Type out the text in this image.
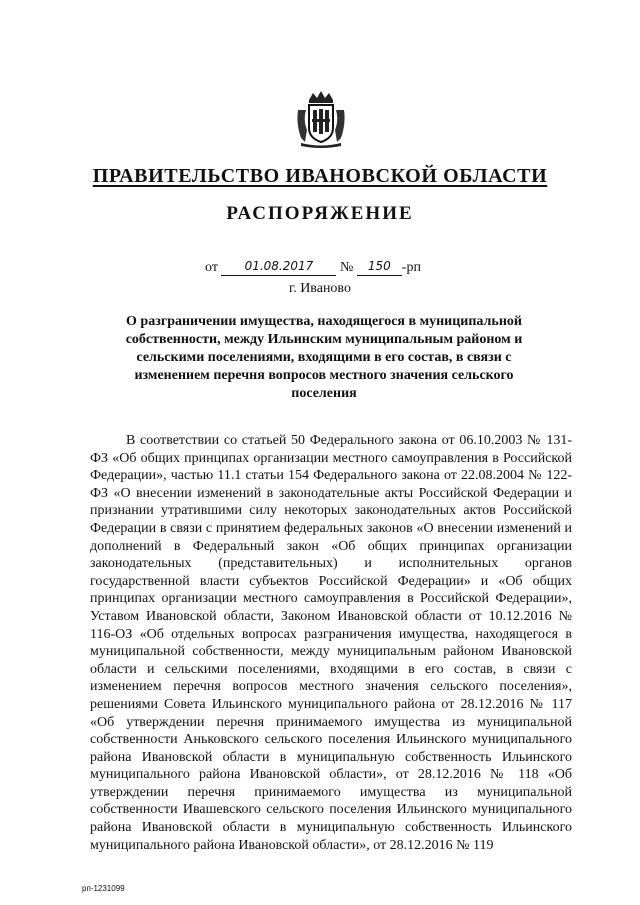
ПРАВИТЕЛЬСТВО ИВАНОВСКОЙ ОБЛАСТИ
РАСПОРЯЖЕНИЕ
от 01.08.2017 № 150 -рп
г. Иваново
О разграничении имущества, находящегося в муниципальной собственности, между Ильинским муниципальным районом и сельскими поселениями, входящими в его состав, в связи с изменением перечня вопросов местного значения сельского поселения

В соответствии со статьей 50 Федерального закона от 06.10.2003 № 131-ФЗ «Об общих принципах организации местного самоуправления в Российской Федерации», частью 11.1 статьи 154 Федерального закона от 22.08.2004 № 122-ФЗ «О внесении изменений в законодательные акты Российской Федерации и признании утратившими силу некоторых законодательных актов Российской Федерации в связи с принятием федеральных законов «О внесении изменений и дополнений в Федеральный закон «Об общих принципах организации законодательных (представительных) и исполнительных органов государственной власти субъектов Российской Федерации» и «Об общих принципах организации местного самоуправления в Российской Федерации», Уставом Ивановской области, Законом Ивановской области от 10.12.2016 № 116-ОЗ «Об отдельных вопросах разграничения имущества, находящегося в муниципальной собственности, между муниципальным районом Ивановской области и сельскими поселениями, входящими в его состав, в связи с изменением перечня вопросов местного значения сельского поселения», решениями Совета Ильинского муниципального района от 28.12.2016 № 117 «Об утверждении перечня принимаемого имущества из муниципальной собственности Аньковского сельского поселения Ильинского муниципального района Ивановской области в муниципальную собственность Ильинского муниципального района Ивановской области», от 28.12.2016 № 118 «Об утверждении перечня принимаемого имущества из муниципальной собственности Ивашевского сельского поселения Ильинского муниципального района Ивановской области в муниципальную собственность Ильинского муниципального района Ивановской области», от 28.12.2016 № 119

рп-1231099
